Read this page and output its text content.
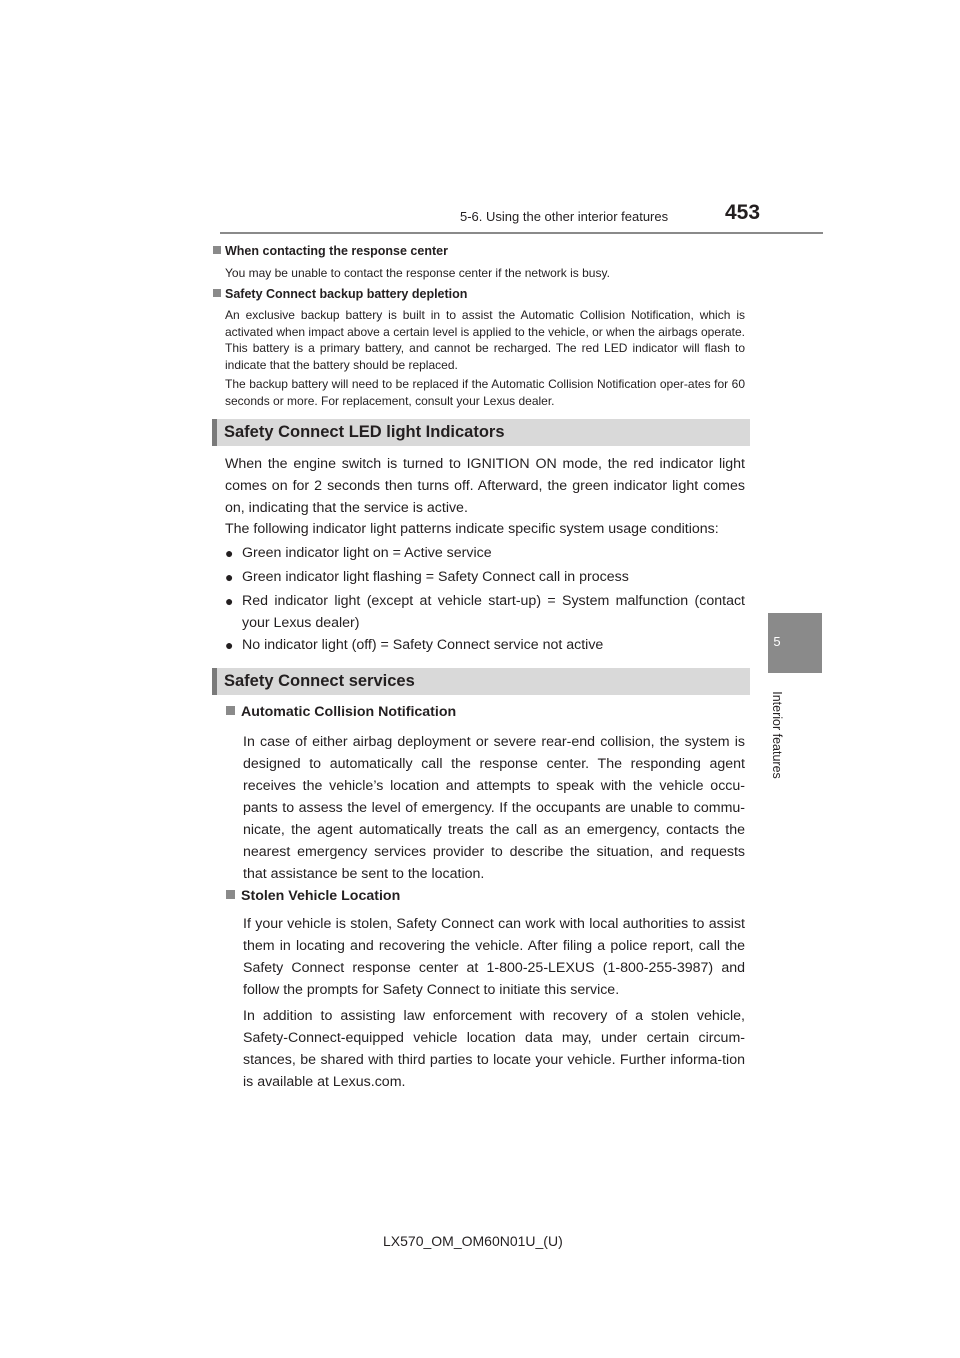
5-6. Using the other interior features	453
5
Interior features
When contacting the response center
You may be unable to contact the response center if the network is busy.
Safety Connect backup battery depletion
An exclusive backup battery is built in to assist the Automatic Collision Notification, which is activated when impact above a certain level is applied to the vehicle, or when the airbags operate. This battery is a primary battery, and cannot be recharged. The red LED indicator will flash to indicate that the battery should be replaced.
The backup battery will need to be replaced if the Automatic Collision Notification oper-ates for 60 seconds or more. For replacement, consult your Lexus dealer.
Safety Connect LED light Indicators
When the engine switch is turned to IGNITION ON mode, the red indicator light comes on for 2 seconds then turns off. Afterward, the green indicator light comes on, indicating that the service is active.
The following indicator light patterns indicate specific system usage conditions:
● Green indicator light on = Active service
● Green indicator light flashing = Safety Connect call in process
● Red indicator light (except at vehicle start-up) = System malfunction (contact your Lexus dealer)
● No indicator light (off) = Safety Connect service not active
Safety Connect services
Automatic Collision Notification
In case of either airbag deployment or severe rear-end collision, the system is designed to automatically call the response center. The responding agent receives the vehicle’s location and attempts to speak with the vehicle occu-pants to assess the level of emergency. If the occupants are unable to commu-nicate, the agent automatically treats the call as an emergency, contacts the nearest emergency services provider to describe the situation, and requests that assistance be sent to the location.
Stolen Vehicle Location
If your vehicle is stolen, Safety Connect can work with local authorities to assist them in locating and recovering the vehicle. After filing a police report, call the Safety Connect response center at 1-800-25-LEXUS (1-800-255-3987) and follow the prompts for Safety Connect to initiate this service.
In addition to assisting law enforcement with recovery of a stolen vehicle, Safety-Connect-equipped vehicle location data may, under certain circum-stances, be shared with third parties to locate your vehicle. Further informa-tion is available at Lexus.com.
LX570_OM_OM60N01U_(U)
